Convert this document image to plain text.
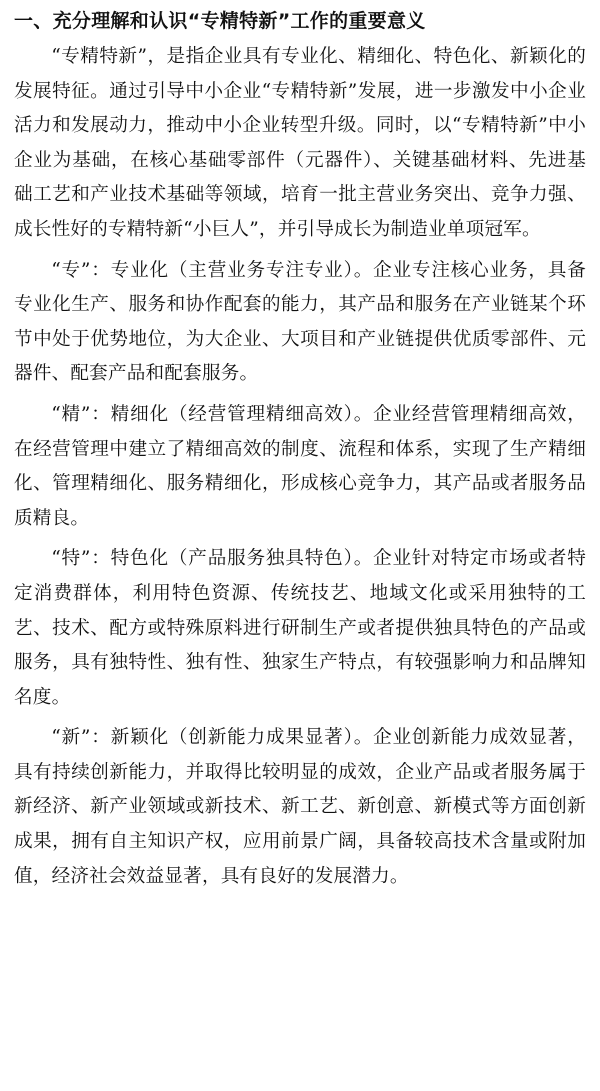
一、充分理解和认识“专精特新”工作的重要意义

“专精特新”，是指企业具有专业化、精细化、特色化、新颖化的发展特征。通过引导中小企业“专精特新”发展，进一步激发中小企业活力和发展动力，推动中小企业转型升级。同时，以“专精特新”中小企业为基础，在核心基础零部件（元器件）、关键基础材料、先进基础工艺和产业技术基础等领域，培育一批主营业务突出、竞争力强、成长性好的专精特新“小巨人”，并引导成长为制造业单项冠军。

“专”：专业化（主营业务专注专业）。企业专注核心业务，具备专业化生产、服务和协作配套的能力，其产品和服务在产业链某个环节中处于优势地位，为大企业、大项目和产业链提供优质零部件、元器件、配套产品和配套服务。

“精”：精细化（经营管理精细高效）。企业经营管理精细高效，在经营管理中建立了精细高效的制度、流程和体系，实现了生产精细化、管理精细化、服务精细化，形成核心竞争力，其产品或者服务品质精良。

“特”：特色化（产品服务独具特色）。企业针对特定市场或者特定消费群体，利用特色资源、传统技艺、地域文化或采用独特的工艺、技术、配方或特殊原料进行研制生产或者提供独具特色的产品或服务，具有独特性、独有性、独家生产特点，有较强影响力和品牌知名度。

“新”：新颖化（创新能力成果显著）。企业创新能力成效显著，具有持续创新能力，并取得比较明显的成效，企业产品或者服务属于新经济、新产业领域或新技术、新工艺、新创意、新模式等方面创新成果，拥有自主知识产权，应用前景广阔，具备较高技术含量或附加值，经济社会效益显著，具有良好的发展潜力。
